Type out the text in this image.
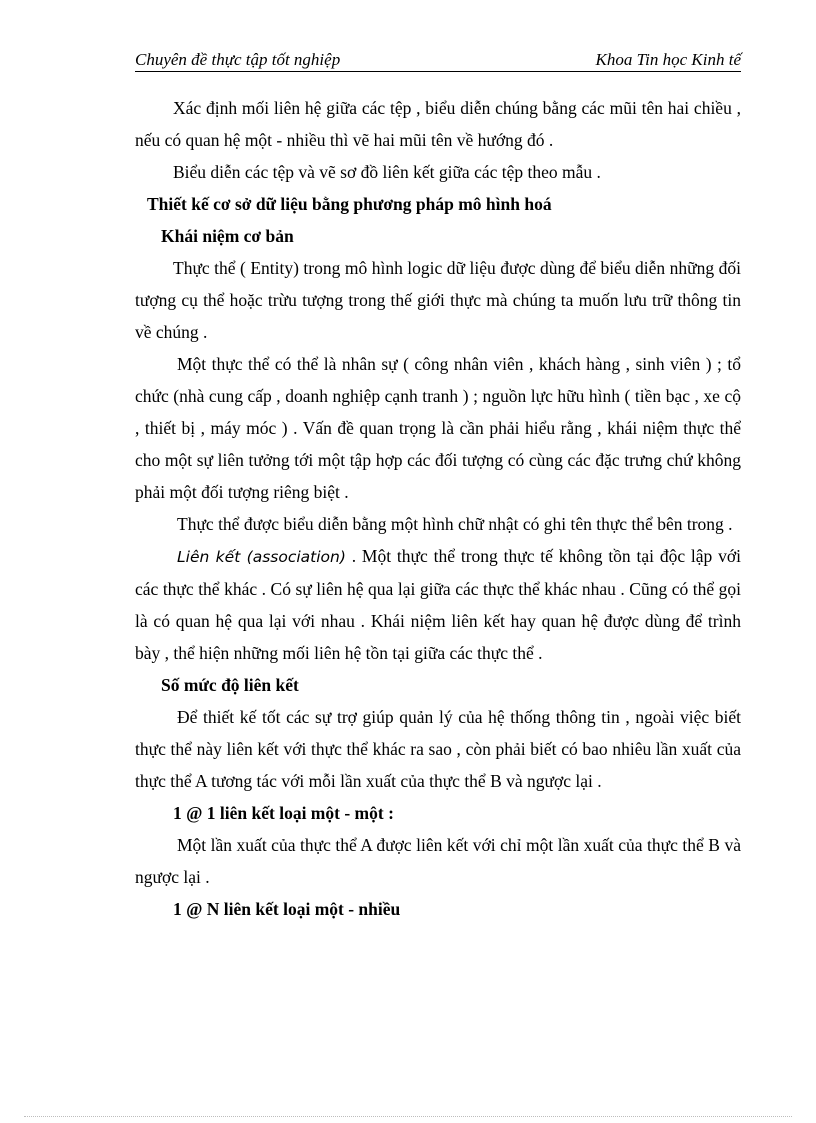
Chuyên đề thực tập tốt nghiệp	Khoa Tin học Kinh tế

Xác định mối liên hệ giữa các tệp , biểu diễn chúng bằng các mũi tên hai chiều , nếu có quan hệ một - nhiều thì vẽ hai mũi tên về hướng đó .

Biểu diễn các tệp và vẽ sơ đồ liên kết giữa các tệp theo mẫu .

Thiết kế cơ sở dữ liệu bằng phương pháp mô hình hoá

Khái niệm cơ bản

Thực thể ( Entity) trong mô hình logic dữ liệu được dùng để biểu diễn những đối tượng cụ thể hoặc trừu tượng trong thế giới thực mà chúng ta muốn lưu trữ thông tin về chúng .

Một thực thể có thể là nhân sự ( công nhân viên , khách hàng , sinh viên ) ; tổ chức (nhà cung cấp , doanh nghiệp cạnh tranh ) ; nguồn lực hữu hình ( tiền bạc , xe cộ , thiết bị , máy móc ) . Vấn đề quan trọng là cần phải hiểu rằng , khái niệm thực thể cho một sự liên tưởng tới một tập hợp các đối tượng có cùng các đặc trưng chứ không phải một đối tượng riêng biệt .

Thực thể được biểu diễn bằng một hình chữ nhật có ghi tên thực thể bên trong .

Liên kết (association) . Một thực thể trong thực tế không tồn tại độc lập với các thực thể khác . Có sự liên hệ qua lại giữa các thực thể khác nhau . Cũng có thể gọi là có quan hệ qua lại với nhau . Khái niệm liên kết hay quan hệ được dùng để trình bày , thể hiện những mối liên hệ tồn tại giữa các thực thể .

Số mức độ liên kết

Để thiết kế tốt các sự trợ giúp quản lý của hệ thống thông tin , ngoài việc biết thực thể này liên kết với thực thể khác ra sao , còn phải biết có bao nhiêu lần xuất của thực thể A tương tác với mỗi lần xuất của thực thể B và ngược lại .

1 @ 1 liên kết loại một - một :

Một lần xuất của thực thể A được liên kết với chỉ một lần xuất của thực thể B và ngược lại .

1 @ N liên kết loại một - nhiều
